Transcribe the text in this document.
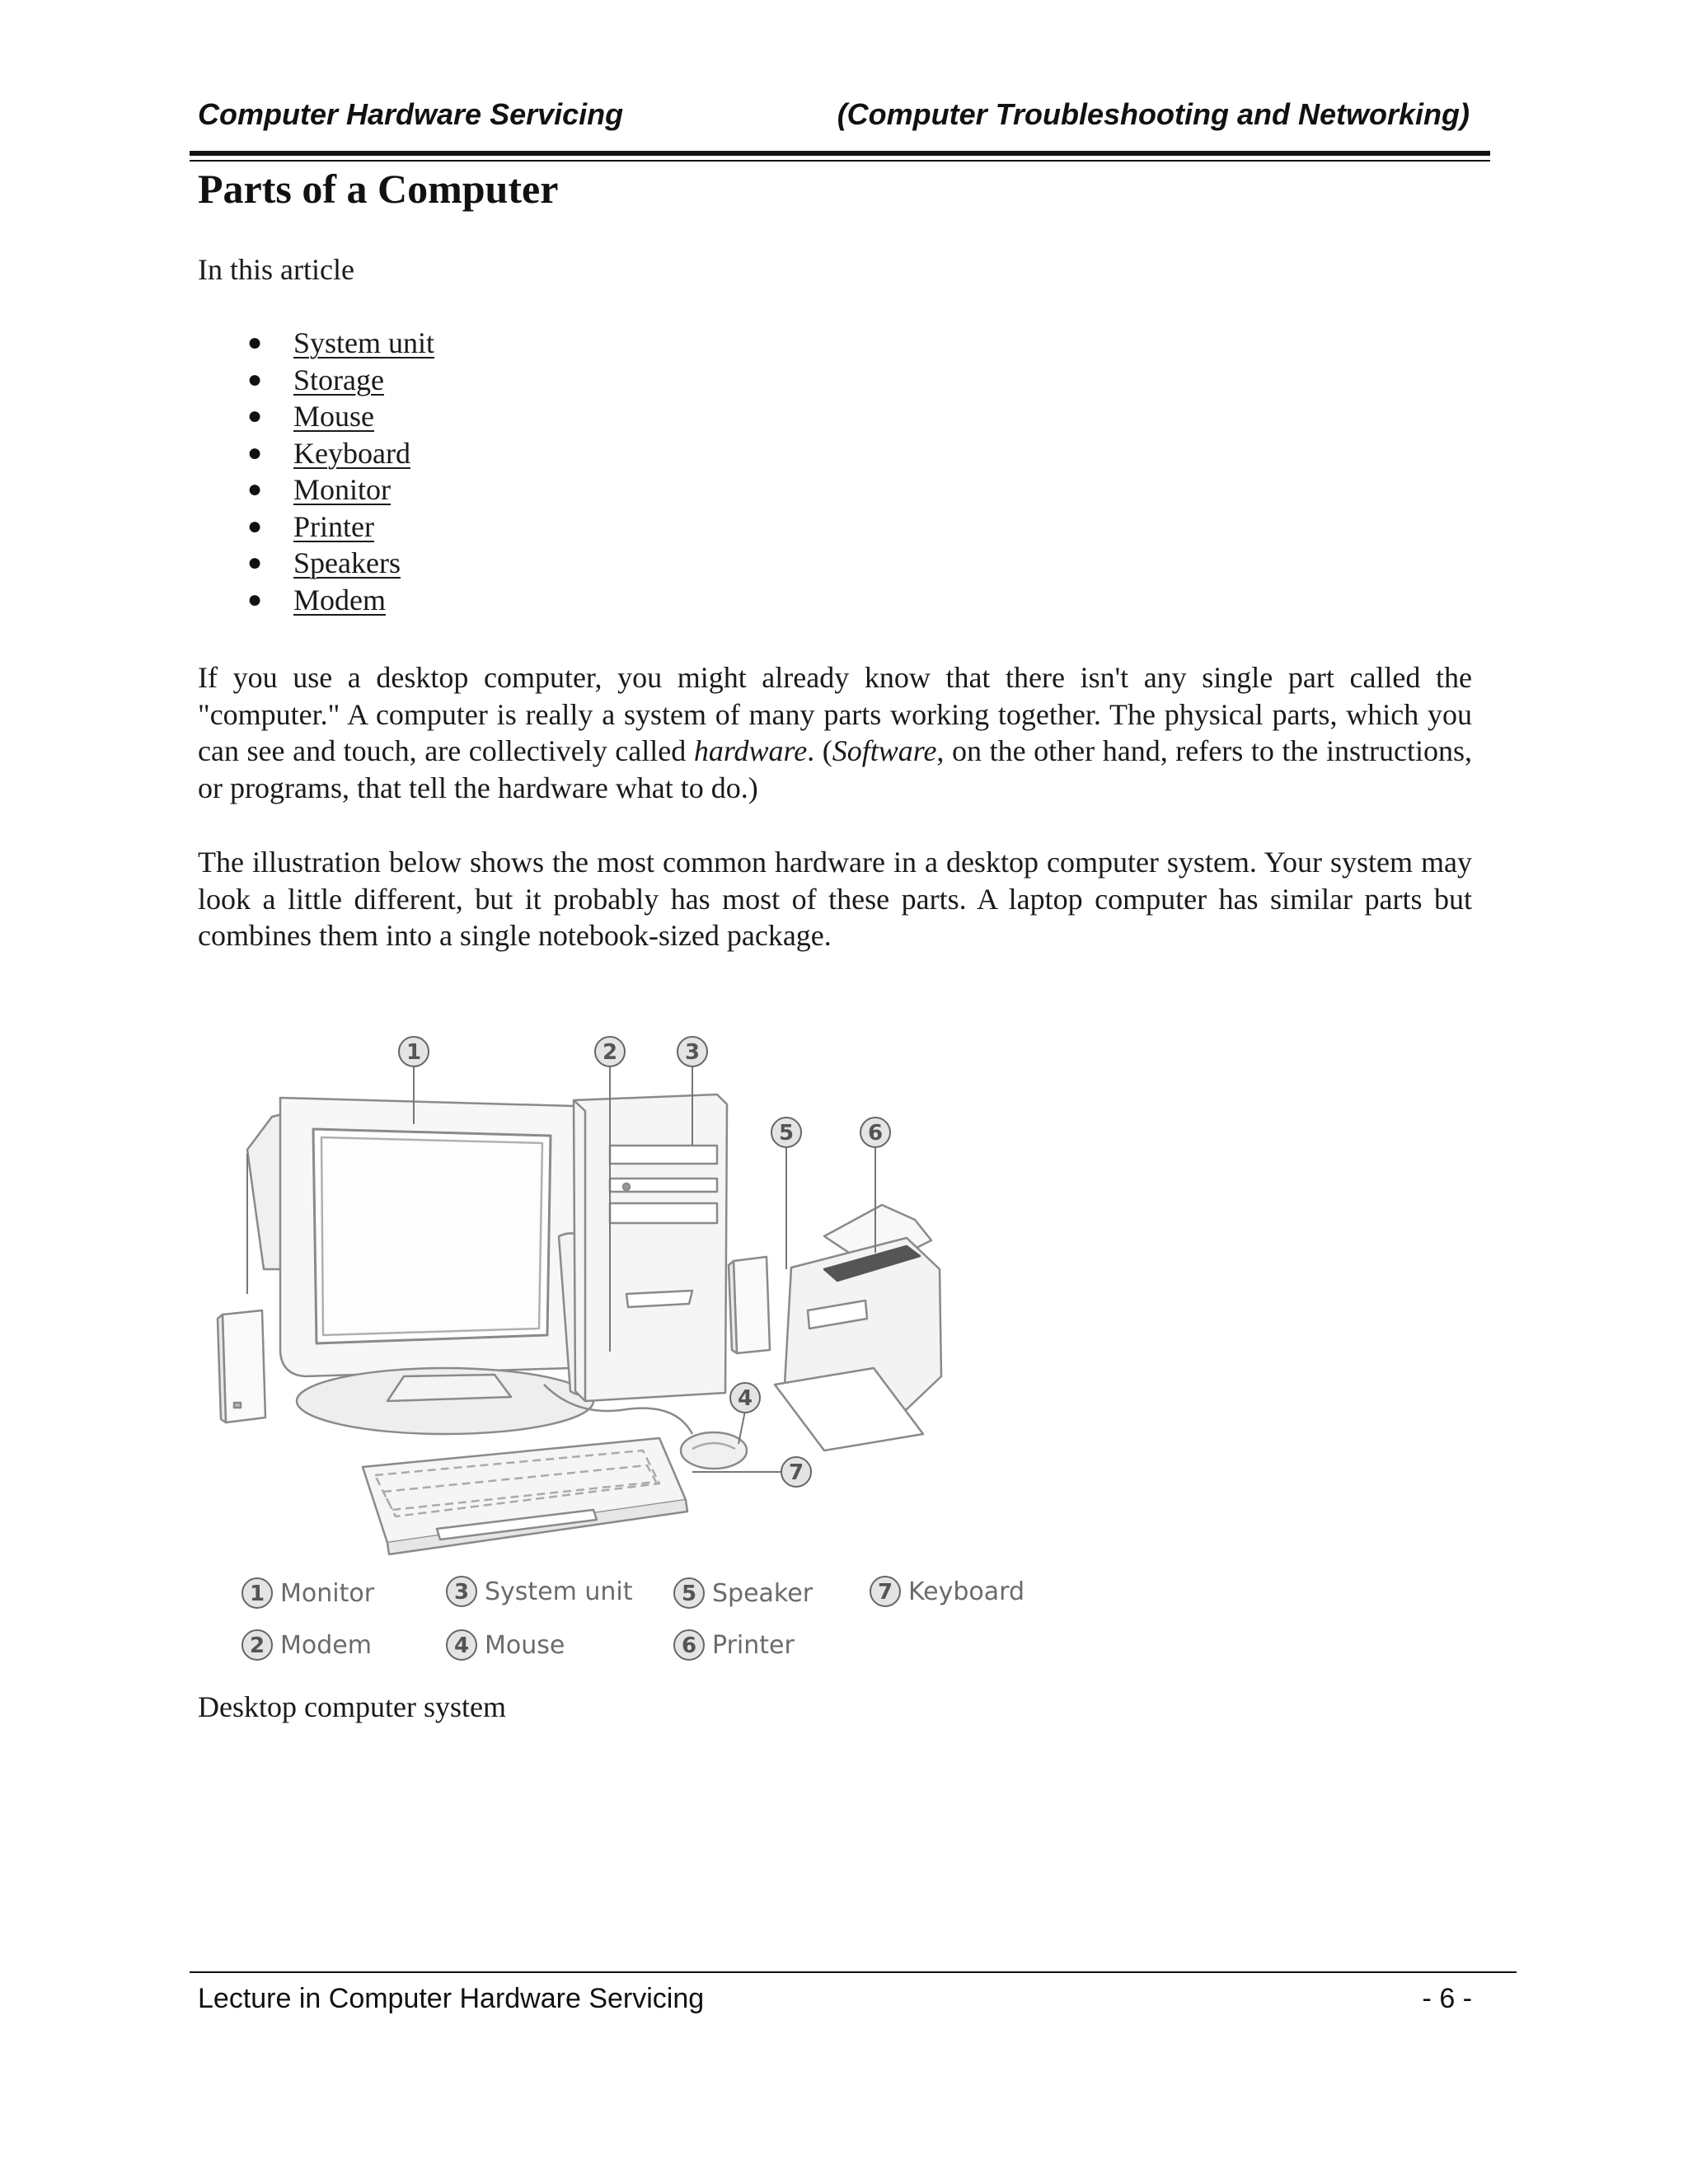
Computer Hardware Servicing	(Computer Troubleshooting and Networking)
Parts of a Computer
In this article
●	System unit
●	Storage
●	Mouse
●	Keyboard
●	Monitor
●	Printer
●	Speakers
●	Modem

If you use a desktop computer, you might already know that there isn't any single part called the "computer." A computer is really a system of many parts working together. The physical parts, which you can see and touch, are collectively called hardware. (Software, on the other hand, refers to the instructions, or programs, that tell the hardware what to do.)

The illustration below shows the most common hardware in a desktop computer system. Your system may look a little different, but it probably has most of these parts. A laptop computer has similar parts but combines them into a single notebook-sized package.

1	2	3
4
5	6
7
1 Monitor	3 System unit 5 Speaker	7 Keyboard
2 Modem	4 Mouse	6 Printer
Desktop computer system
Lecture in Computer Hardware Servicing	- 6 -
